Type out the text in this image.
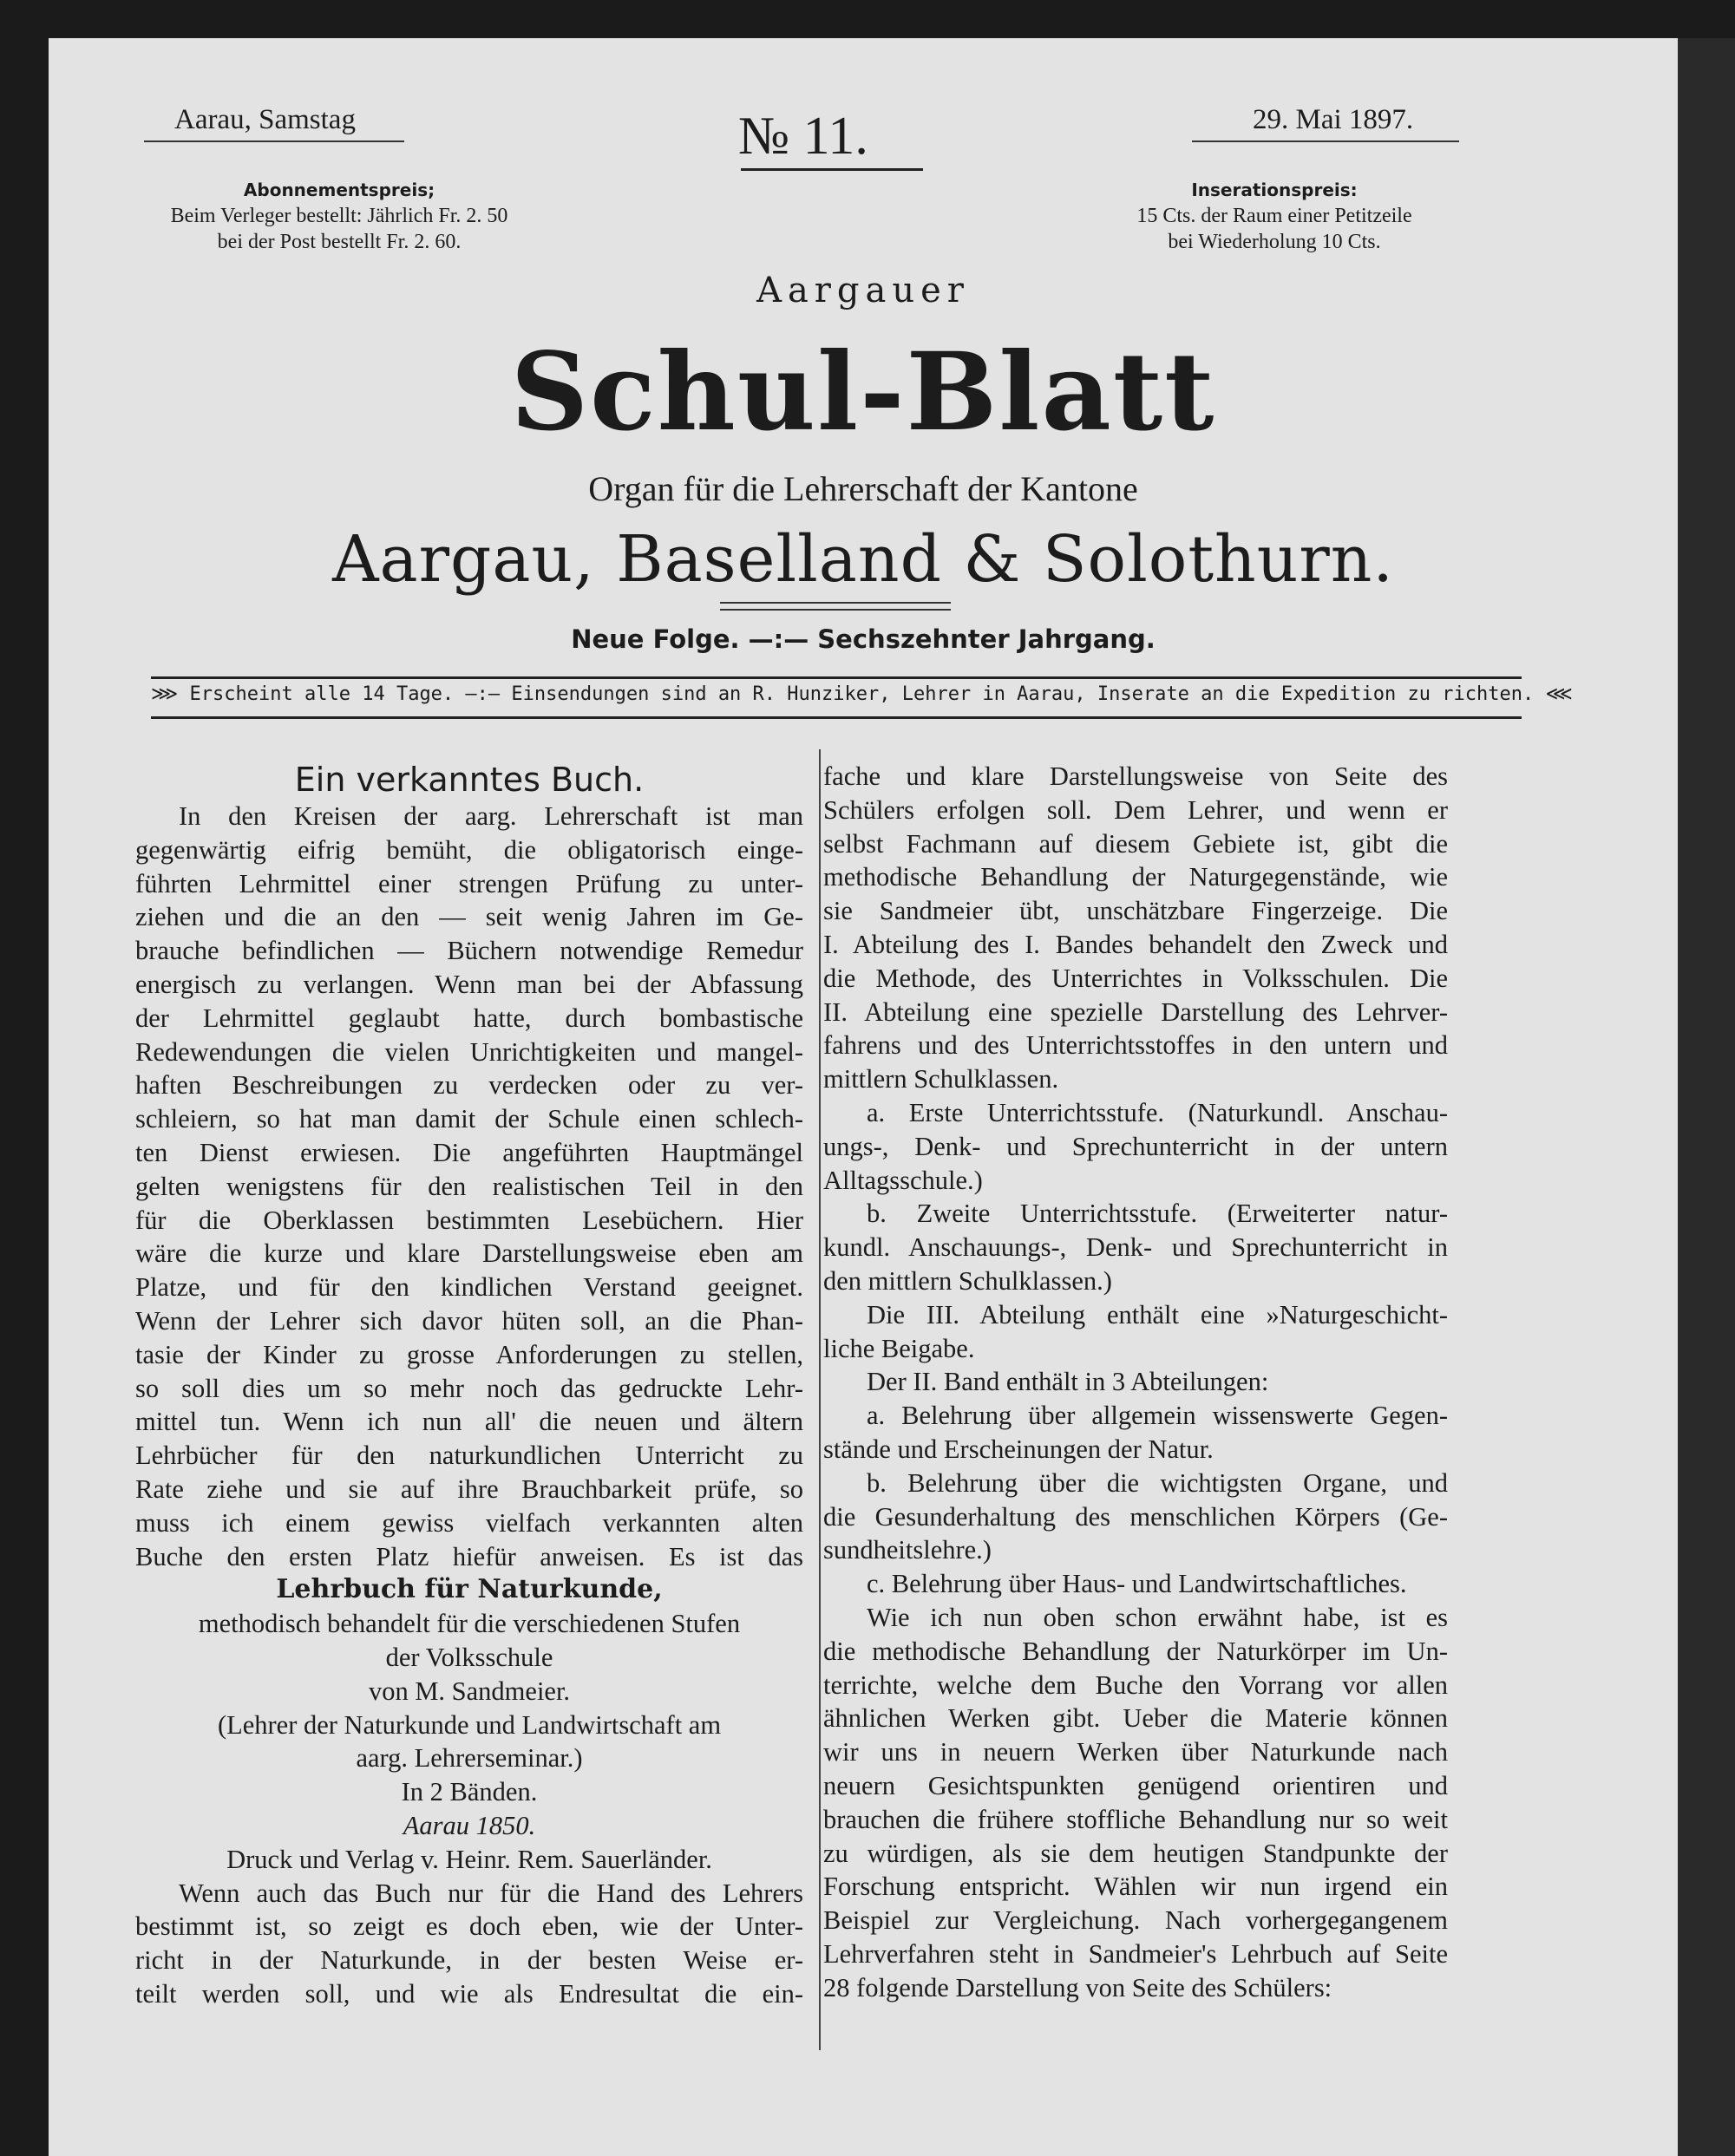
Aarau, Samstag	№ 11.	29. Mai 1897.
Abonnementspreis;
Beim Verleger bestellt: Jährlich Fr. 2. 50
bei der Post bestellt Fr. 2. 60.
Inserationspreis:
15 Cts. der Raum einer Petitzeile
bei Wiederholung 10 Cts.
Aargauer
Schul-Blatt
Organ für die Lehrerschaft der Kantone
Aargau, Baselland & Solothurn.
Neue Folge. —:— Sechszehnter Jahrgang.
⋙ Erscheint alle 14 Tage. —:— Einsendungen sind an R. Hunziker, Lehrer in Aarau, Inserate an die Expedition zu richten. ⋘
Ein verkanntes Buch.
In den Kreisen der aarg. Lehrerschaft ist man
gegenwärtig eifrig bemüht, die obligatorisch einge-
führten Lehrmittel einer strengen Prüfung zu unter-
ziehen und die an den — seit wenig Jahren im Ge-
brauche befindlichen — Büchern notwendige Remedur
energisch zu verlangen. Wenn man bei der Abfassung
der Lehrmittel geglaubt hatte, durch bombastische
Redewendungen die vielen Unrichtigkeiten und mangel-
haften Beschreibungen zu verdecken oder zu ver-
schleiern, so hat man damit der Schule einen schlech-
ten Dienst erwiesen. Die angeführten Hauptmängel
gelten wenigstens für den realistischen Teil in den
für die Oberklassen bestimmten Lesebüchern. Hier
wäre die kurze und klare Darstellungsweise eben am
Platze, und für den kindlichen Verstand geeignet.
Wenn der Lehrer sich davor hüten soll, an die Phan-
tasie der Kinder zu grosse Anforderungen zu stellen,
so soll dies um so mehr noch das gedruckte Lehr-
mittel tun. Wenn ich nun all' die neuen und ältern
Lehrbücher für den naturkundlichen Unterricht zu
Rate ziehe und sie auf ihre Brauchbarkeit prüfe, so
muss ich einem gewiss vielfach verkannten alten
Buche den ersten Platz hiefür anweisen. Es ist das
Lehrbuch für Naturkunde,
methodisch behandelt für die verschiedenen Stufen
der Volksschule
von M. Sandmeier.
(Lehrer der Naturkunde und Landwirtschaft am
aarg. Lehrerseminar.)
In 2 Bänden.
Aarau 1850.
Druck und Verlag v. Heinr. Rem. Sauerländer.
Wenn auch das Buch nur für die Hand des Lehrers
bestimmt ist, so zeigt es doch eben, wie der Unter-
richt in der Naturkunde, in der besten Weise er-
teilt werden soll, und wie als Endresultat die ein-
fache und klare Darstellungsweise von Seite des
Schülers erfolgen soll. Dem Lehrer, und wenn er
selbst Fachmann auf diesem Gebiete ist, gibt die
methodische Behandlung der Naturgegenstände, wie
sie Sandmeier übt, unschätzbare Fingerzeige. Die
I. Abteilung des I. Bandes behandelt den Zweck und
die Methode, des Unterrichtes in Volksschulen. Die
II. Abteilung eine spezielle Darstellung des Lehrver-
fahrens und des Unterrichtsstoffes in den untern und
mittlern Schulklassen.
a. Erste Unterrichtsstufe. (Naturkundl. Anschau-
ungs-, Denk- und Sprechunterricht in der untern
Alltagsschule.)
b. Zweite Unterrichtsstufe. (Erweiterter natur-
kundl. Anschauungs-, Denk- und Sprechunterricht in
den mittlern Schulklassen.)
Die III. Abteilung enthält eine »Naturgeschicht-
liche Beigabe.
Der II. Band enthält in 3 Abteilungen:
a. Belehrung über allgemein wissenswerte Gegen-
stände und Erscheinungen der Natur.
b. Belehrung über die wichtigsten Organe, und
die Gesunderhaltung des menschlichen Körpers (Ge-
sundheitslehre.)
c. Belehrung über Haus- und Landwirtschaftliches.
Wie ich nun oben schon erwähnt habe, ist es
die methodische Behandlung der Naturkörper im Un-
terrichte, welche dem Buche den Vorrang vor allen
ähnlichen Werken gibt. Ueber die Materie können
wir uns in neuern Werken über Naturkunde nach
neuern Gesichtspunkten genügend orientiren und
brauchen die frühere stoffliche Behandlung nur so weit
zu würdigen, als sie dem heutigen Standpunkte der
Forschung entspricht. Wählen wir nun irgend ein
Beispiel zur Vergleichung. Nach vorhergegangenem
Lehrverfahren steht in Sandmeier's Lehrbuch auf Seite
28 folgende Darstellung von Seite des Schülers:
